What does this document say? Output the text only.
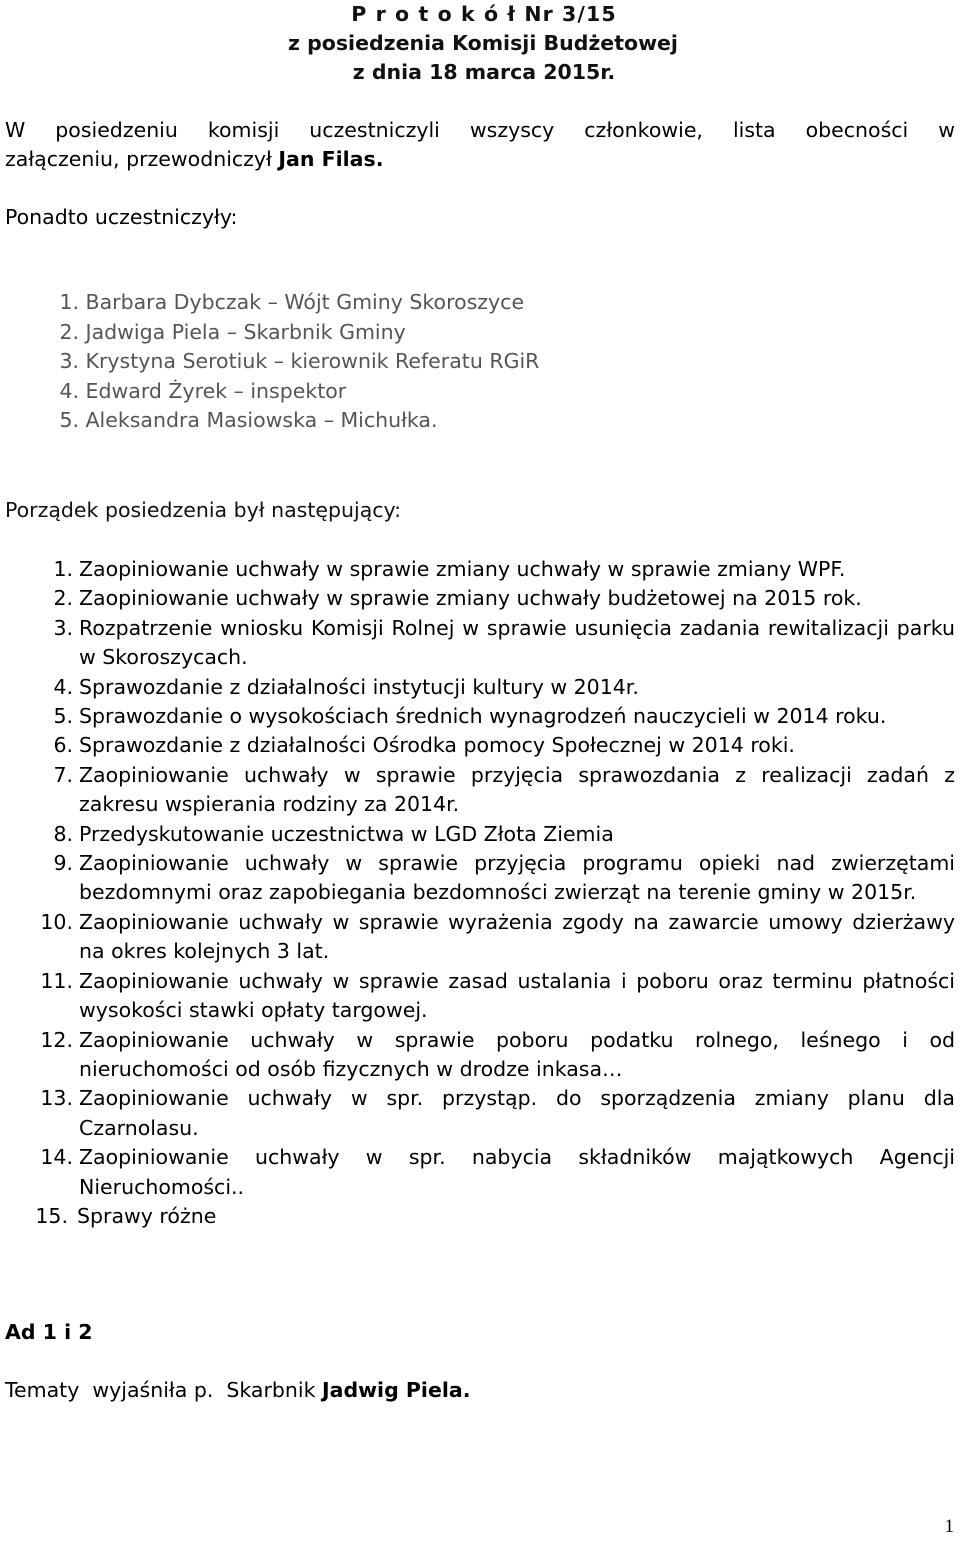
P r o t o k ó ł Nr 3/15
z posiedzenia Komisji Budżetowej
z dnia 18 marca 2015r.
W posiedzeniu komisji uczestniczyli wszyscy członkowie, lista obecności w
załączeniu, przewodniczył Jan Filas.
Ponadto uczestniczyły:
1. Barbara Dybczak – Wójt Gminy Skoroszyce
2. Jadwiga Piela – Skarbnik Gminy
3. Krystyna Serotiuk – kierownik Referatu RGiR
4. Edward Żyrek – inspektor
5. Aleksandra Masiowska – Michułka.
Porządek posiedzenia był następujący:
1. Zaopiniowanie uchwały w sprawie zmiany uchwały w sprawie zmiany WPF.
2. Zaopiniowanie uchwały w sprawie zmiany uchwały budżetowej na 2015 rok.
3. Rozpatrzenie wniosku Komisji Rolnej w sprawie usunięcia zadania rewitalizacji parku w Skoroszycach.
4. Sprawozdanie z działalności instytucji kultury w 2014r.
5. Sprawozdanie o wysokościach średnich wynagrodzeń nauczycieli w 2014 roku.
6. Sprawozdanie z działalności Ośrodka pomocy Społecznej w 2014 roki.
7. Zaopiniowanie uchwały w sprawie przyjęcia sprawozdania z realizacji zadań z zakresu wspierania rodziny za 2014r.
8. Przedyskutowanie uczestnictwa w LGD Złota Ziemia
9. Zaopiniowanie uchwały w sprawie przyjęcia programu opieki nad zwierzętami bezdomnymi oraz zapobiegania bezdomności zwierząt na terenie gminy w 2015r.
10. Zaopiniowanie uchwały w sprawie wyrażenia zgody na zawarcie umowy dzierżawy na okres kolejnych 3 lat.
11. Zaopiniowanie uchwały w sprawie zasad ustalania i poboru oraz terminu płatności wysokości stawki opłaty targowej.
12. Zaopiniowanie uchwały w sprawie poboru podatku rolnego, leśnego i od nieruchomości od osób fizycznych w drodze inkasa…
13. Zaopiniowanie uchwały w spr. przystąp. do sporządzenia zmiany planu dla Czarnolasu.
14. Zaopiniowanie uchwały w spr. nabycia składników majątkowych Agencji Nieruchomości..
15. Sprawy różne
Ad 1 i 2
Tematy  wyjaśniła p.  Skarbnik Jadwig Piela.
1
